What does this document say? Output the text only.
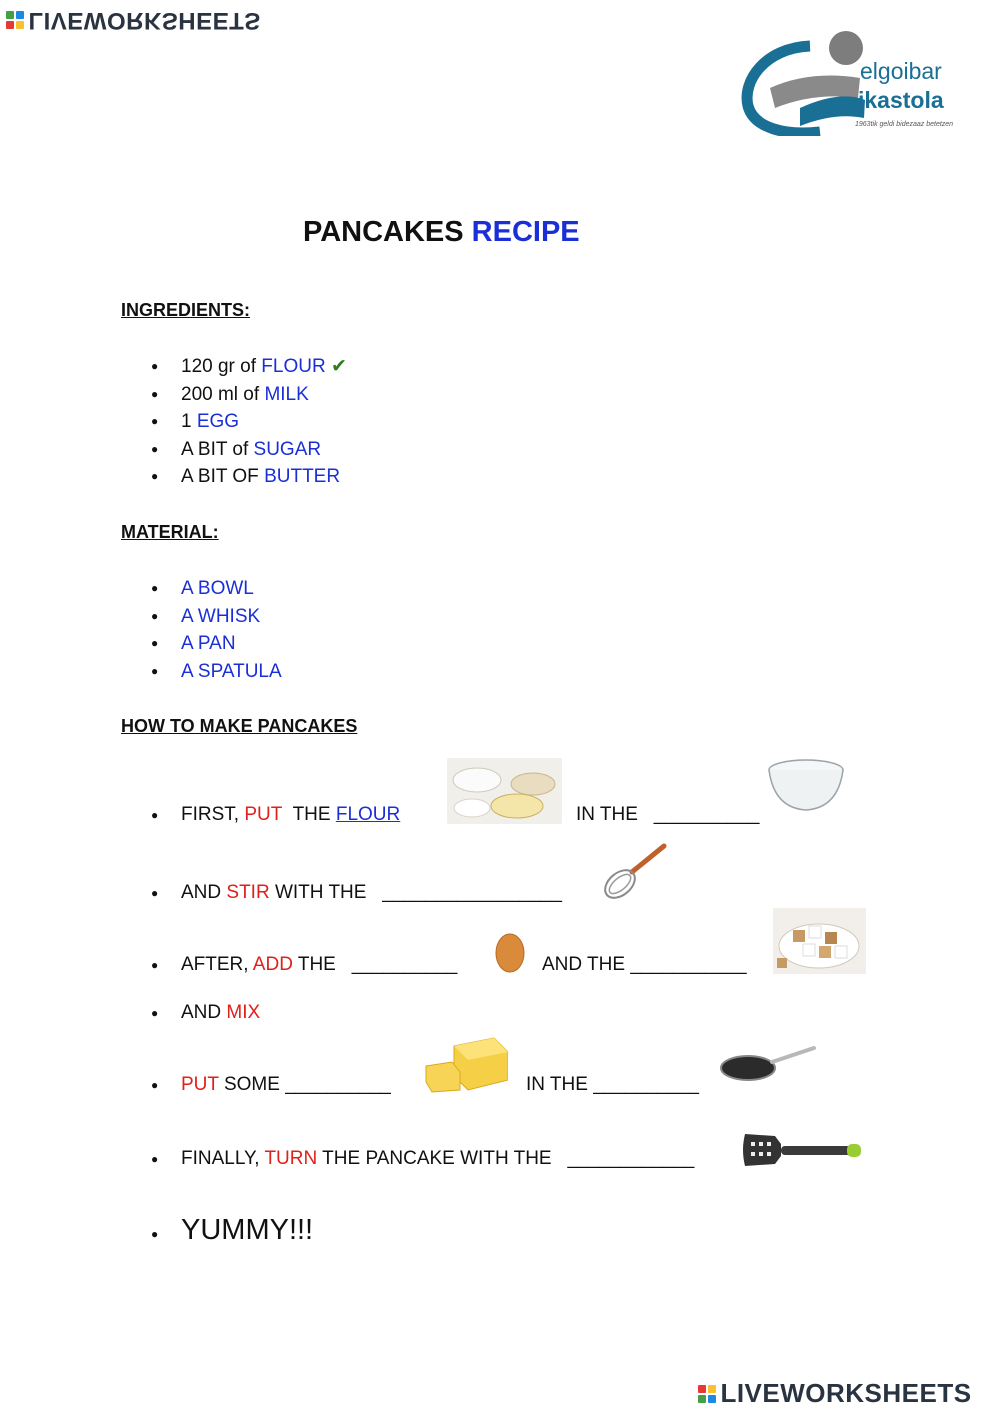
LIVEWORKSHEETS
elgoibar
ikastola
1963tik geldi bidezaaz betetzen
PANCAKES RECIPE
INGREDIENTS:
● 120 gr of FLOUR ✔
● 200 ml of MILK
● 1 EGG
● A BIT of SUGAR
● A BIT OF BUTTER
MATERIAL:
● A BOWL
● A WHISK
● A PAN
● A SPATULA
HOW TO MAKE PANCAKES
● FIRST, PUT  THE FLOUR	IN THE   __________
● AND STIR WITH THE   _________________
● AFTER, ADD THE   __________	AND THE ___________
● AND MIX
● PUT SOME __________	IN THE __________
● FINALLY, TURN THE PANCAKE WITH THE   ____________
● YUMMY!!!
LIVEWORKSHEETS
